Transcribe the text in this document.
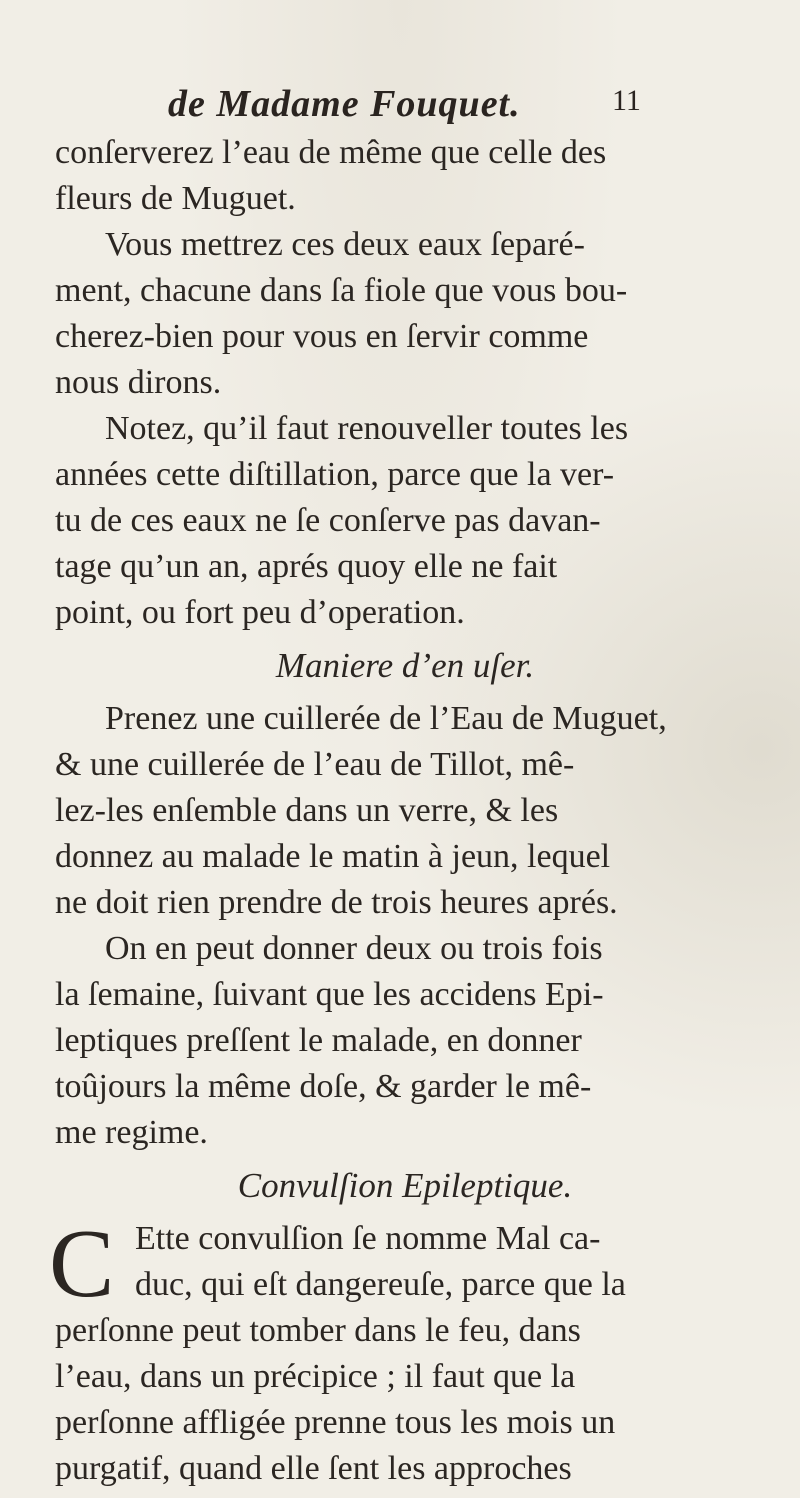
de Madame Fouquet.	11
conſerverez l’eau de même que celle des
fleurs de Muguet.
Vous mettrez ces deux eaux ſeparé-
ment, chacune dans ſa fiole que vous bou-
cherez-bien pour vous en ſervir comme
nous dirons.
Notez, qu’il faut renouveller toutes les
années cette diſtillation, parce que la ver-
tu de ces eaux ne ſe conſerve pas davan-
tage qu’un an, aprés quoy elle ne fait
point, ou fort peu d’operation.
Maniere d’en uſer.
Prenez une cuillerée de l’Eau de Muguet,
& une cuillerée de l’eau de Tillot, mê-
lez-les enſemble dans un verre, & les
donnez au malade le matin à jeun, lequel
ne doit rien prendre de trois heures aprés.
On en peut donner deux ou trois fois
la ſemaine, ſuivant que les accidens Epi-
leptiques preſſent le malade, en donner
toûjours la même doſe, & garder le mê-
me regime.
Convulſion Epileptique.
C Ette convulſion ſe nomme Mal ca-
duc, qui eſt dangereuſe, parce que la
perſonne peut tomber dans le feu, dans
l’eau, dans un précipice ; il faut que la
perſonne affligée prenne tous les mois un
purgatif, quand elle ſent les approches
